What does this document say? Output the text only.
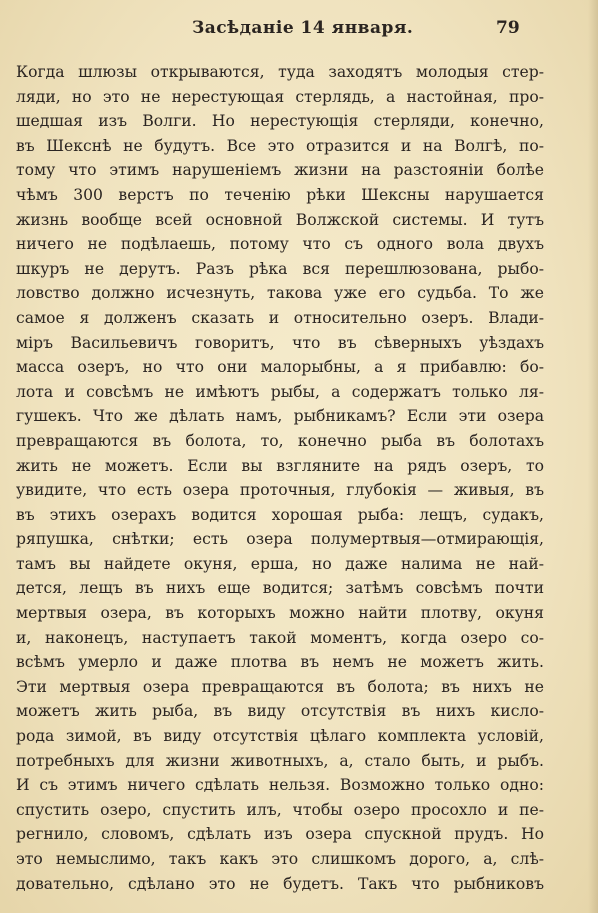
Засѣданіе 14 января.	79
Когда шлюзы открываются, туда заходятъ молодыя стер-
ляди, но это не нерестующая стерлядь, а настойная, про-
шедшая изъ Волги. Но нерестующія стерляди, конечно,
въ Шекснѣ не будутъ. Все это отразится и на Волгѣ, по-
тому что этимъ нарушеніемъ жизни на разстояніи болѣе
чѣмъ 300 верстъ по теченію рѣки Шексны нарушается
жизнь вообще всей основной Волжской системы. И тутъ
ничего не подѣлаешь, потому что съ одного вола двухъ
шкуръ не дерутъ. Разъ рѣка вся перешлюзована, рыбо-
ловство должно исчезнуть, такова уже его судьба. То же
самое я долженъ сказать и относительно озеръ. Влади-
міръ Васильевичъ говоритъ, что въ сѣверныхъ уѣздахъ
масса озеръ, но что они малорыбны, а я прибавлю: бо-
лота и совсѣмъ не имѣютъ рыбы, а содержатъ только ля-
гушекъ. Что же дѣлать намъ, рыбникамъ? Если эти озера
превращаются въ болота, то, конечно рыба въ болотахъ
жить не можетъ. Если вы взгляните на рядъ озеръ, то
увидите, что есть озера проточныя, глубокія — живыя, въ
въ этихъ озерахъ водится хорошая рыба: лещъ, судакъ,
ряпушка, снѣтки; есть озера полумертвыя—отмирающія,
тамъ вы найдете окуня, ерша, но даже налима не най-
дется, лещъ въ нихъ еще водится; затѣмъ совсѣмъ почти
мертвыя озера, въ которыхъ можно найти плотву, окуня
и, наконецъ, наступаетъ такой моментъ, когда озеро со-
всѣмъ умерло и даже плотва въ немъ не можетъ жить.
Эти мертвыя озера превращаются въ болота; въ нихъ не
можетъ жить рыба, въ виду отсутствія въ нихъ кисло-
рода зимой, въ виду отсутствія цѣлаго комплекта условій,
потребныхъ для жизни животныхъ, а, стало быть, и рыбъ.
И съ этимъ ничего сдѣлать нельзя. Возможно только одно:
спустить озеро, спустить илъ, чтобы озеро просохло и пе-
регнило, словомъ, сдѣлать изъ озера спускной прудъ. Но
это немыслимо, такъ какъ это слишкомъ дорого, а, слѣ-
довательно, сдѣлано это не будетъ. Такъ что рыбниковъ
